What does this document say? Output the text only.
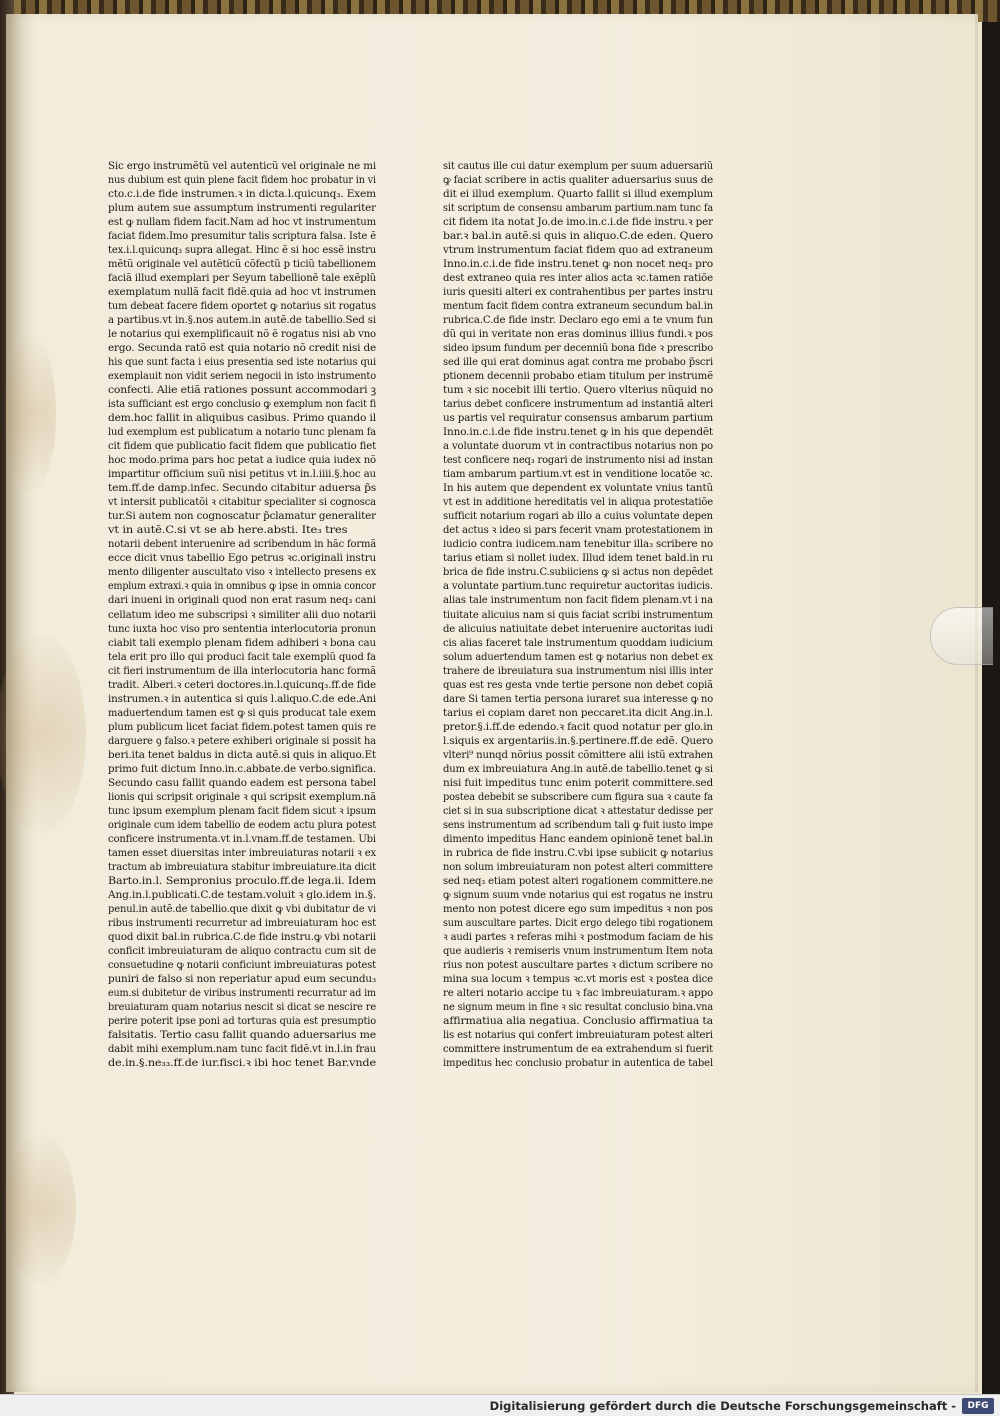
Sic ergo instrumẽtũ vel autenticũ vel originale ne mi
nus dubium est quin plene facit fidem hoc probatur in vi
cto.c.i.de fide instrumen.ꝛ in dicta.l.quicunq₃. Exem
plum autem sue assumptum instrumenti regulariter
est ꝙ nullam fidem facit.Nam ad hoc vt instrumentum
faciat fidem.Imo presumitur talis scriptura falsa. Iste ẽ
tex.i.l.quicunq₃ supra allegat. Hinc ẽ si hoc essẽ instru
mẽtũ originale vel autẽticũ cõfectũ p ticiũ tabellionem
faciã illud exemplari per Seyum tabellionẽ tale exẽplũ
exemplatum nullã facit fidẽ.quia ad hoc vt instrumen
tum debeat facere fidem oportet ꝙ notarius sit rogatus
a partibus.vt in.§.nos autem.in autẽ.de tabellio.Sed si
le notarius qui exemplificauit nõ ẽ rogatus nisi ab vno
ergo. Secunda ratõ est quia notario nõ credit nisi de
his que sunt facta i eius presentia sed iste notarius qui
exemplauit non vidit seriem negocii in isto instrumento
confecti. Alie etiã rationes possunt accommodari ꝫ
ista sufficiant est ergo conclusio ꝙ exemplum non facit fi
dem.hoc fallit in aliquibus casibus. Primo quando il
lud exemplum est publicatum a notario tunc plenam fa
cit fidem que publicatio facit fidem que publicatio fiet
hoc modo.prima pars hoc petat a iudice quia iudex nõ
impartitur officium suũ nisi petitus vt in.l.iiii.§.hoc au
tem.ff.de damp.infec. Secundo citabitur aduersa p̃s
vt intersit publicatõi ꝛ citabitur specialiter si cognosca
tur.Si autem non cognoscatur p̃clamatur generaliter
vt in autẽ.C.si vt se ab here.absti. Ite₃ tres
notarii debent interuenire ad scribendum in hãc formã
ecce dicit vnus tabellio Ego petrus ꝛc.originali instru
mento diligenter auscultato viso ꝛ intellecto presens ex
emplum extraxi.ꝛ quia in omnibus ꝙ ipse in omnia concor
dari inueni in originali quod non erat rasum neq₃ cani
cellatum ideo me subscripsi ꝛ similiter alii duo notarii
tunc iuxta hoc viso pro sententia interlocutoria pronun
ciabit tali exemplo plenam fidem adhiberi ꝛ bona cau
tela erit pro illo qui produci facit tale exemplũ quod fa
cit fieri instrumentum de illa interlocutoria hanc formã
tradit. Alberi.ꝛ ceteri doctores.in.l.quicunq₃.ff.de fide
instrumen.ꝛ in autentica si quis l.aliquo.C.de ede.Ani
maduertendum tamen est ꝙ si quis producat tale exem
plum publicum licet faciat fidem.potest tamen quis re
darguere ꝯ falso.ꝛ petere exhiberi originale si possit ha
beri.ita tenet baldus in dicta autẽ.si quis in aliquo.Et
primo fuit dictum Inno.in.c.abbate.de verbo.significa.
Secundo casu fallit quando eadem est persona tabel
lionis qui scripsit originale ꝛ qui scripsit exemplum.nã
tunc ipsum exemplum plenam facit fidem sicut ꝛ ipsum
originale cum idem tabellio de eodem actu plura potest
conficere instrumenta.vt in.l.vnam.ff.de testamen. Ubi
tamen esset diuersitas inter imbreuiaturas notarii ꝛ ex
tractum ab imbreuiatura stabitur imbreuiature.ita dicit
Barto.in.l. Sempronius proculo.ff.de lega.ii. Idem
Ang.in.l.publicati.C.de testam.voluit ꝛ glo.idem in.§.
penul.in autẽ.de tabellio.que dixit ꝙ vbi dubitatur de vi
ribus instrumenti recurretur ad imbreuiaturam hoc est
quod dixit bal.in rubrica.C.de fide instru.ꝙ vbi notarii
conficit imbreuiaturam de aliquo contractu cum sit de
consuetudine ꝙ notarii conficiunt imbreuiaturas potest
puniri de falso si non reperiatur apud eum secundu₃
eum.si dubitetur de viribus instrumenti recurratur ad im
breuiaturam quam notarius nescit si dicat se nescire re
perire poterit ipse poni ad torturas quia est presumptio
falsitatis. Tertio casu fallit quando aduersarius me
dabit mihi exemplum.nam tunc facit fidẽ.vt in.l.in frau
de.in.§.ne₃₃.ff.de iur.fisci.ꝛ ibi hoc tenet Bar.vnde
sit cautus ille cui datur exemplum per suum aduersariũ
ꝙ faciat scribere in actis qualiter aduersarius suus de
dit ei illud exemplum. Quarto fallit si illud exemplum
sit scriptum de consensu ambarum partium.nam tunc fa
cit fidem ita notat Jo.de imo.in.c.i.de fide instru.ꝛ per
bar.ꝛ bal.in autẽ.si quis in aliquo.C.de eden. Quero
vtrum instrumentum faciat fidem quo ad extraneum
Inno.in.c.i.de fide instru.tenet ꝙ non nocet neq₃ pro
dest extraneo quia res inter alios acta ꝛc.tamen ratiõe
iuris quesiti alteri ex contrahentibus per partes instru
mentum facit fidem contra extraneum secundum bal.in
rubrica.C.de fide instr. Declaro ego emi a te vnum fun
dũ qui in veritate non eras dominus illius fundi.ꝛ pos
sideo ipsum fundum per decenniũ bona fide ꝛ prescribo
sed ille qui erat dominus agat contra me probabo p̃scri
ptionem decennii probabo etiam titulum per instrumẽ
tum ꝛ sic nocebit illi tertio. Quero vlterius nũquid no
tarius debet conficere instrumentum ad instantiã alteri
us partis vel requiratur consensus ambarum partium
Inno.in.c.i.de fide instru.tenet ꝙ in his que dependẽt
a voluntate duorum vt in contractibus notarius non po
test conficere neq₃ rogari de instrumento nisi ad instan
tiam ambarum partium.vt est in venditione locatõe ꝛc.
In his autem que dependent ex voluntate vnius tantũ
vt est in additione hereditatis vel in aliqua protestatiõe
sufficit notarium rogari ab illo a cuius voluntate depen
det actus ꝛ ideo si pars fecerit vnam protestationem in
iudicio contra iudicem.nam tenebitur illa₃ scribere no
tarius etiam si nollet iudex. Illud idem tenet bald.in ru
brica de fide instru.C.subiiciens ꝙ si actus non depẽdet
a voluntate partium.tunc requiretur auctoritas iudicis.
alias tale instrumentum non facit fidem plenam.vt i na
tiuitate alicuius nam si quis faciat scribi instrumentum
de alicuius natiuitate debet interuenire auctoritas iudi
cis alias faceret tale instrumentum quoddam iudicium
solum aduertendum tamen est ꝙ notarius non debet ex
trahere de ibreuiatura sua instrumentum nisi illis inter
quas est res gesta vnde tertie persone non debet copiã
dare Si tamen tertia persona iuraret sua interesse ꝙ no
tarius ei copiam daret non peccaret.ita dicit Ang.in.l.
pretor.§.i.ff.de edendo.ꝛ facit quod notatur per glo.in
l.siquis ex argentariis.in.§.pertinere.ff.de edẽ. Quero
vlteri⁹ nunqd nõrius possit cõmittere alii istũ extrahen
dum ex imbreuiatura Ang.in autẽ.de tabellio.tenet ꝙ si
nisi fuit impeditus tunc enim poterit committere.sed
postea debebit se subscribere cum figura sua ꝛ caute fa
ciet si in sua subscriptione dicat ꝛ attestatur dedisse per
sens instrumentum ad scribendum tali ꝙ fuit iusto impe
dimento impeditus Hanc eandem opinionẽ tenet bal.in
in rubrica de fide instru.C.vbi ipse subiicit ꝙ notarius
non solum imbreuiaturam non potest alteri committere
sed neq₃ etiam potest alteri rogationem committere.ne
ꝙ signum suum vnde notarius qui est rogatus ne instru
mento non potest dicere ego sum impeditus ꝛ non pos
sum auscultare partes. Dicit ergo delego tibi rogationem
ꝛ audi partes ꝛ referas mihi ꝛ postmodum faciam de his
que audieris ꝛ remiseris vnum instrumentum Item nota
rius non potest auscultare partes ꝛ dictum scribere no
mina sua locum ꝛ tempus ꝛc.vt moris est ꝛ postea dice
re alteri notario accipe tu ꝛ fac imbreuiaturam.ꝛ appo
ne signum meum in fine ꝛ sic resultat conclusio bina.vna
affirmatiua alia negatiua. Conclusio affirmatiua ta
lis est notarius qui confert imbreuiaturam potest alteri
committere instrumentum de ea extrahendum si fuerit
impeditus hec conclusio probatur in autentica de tabel
Digitalisierung gefördert durch die Deutsche Forschungsgemeinschaft -	DFG
